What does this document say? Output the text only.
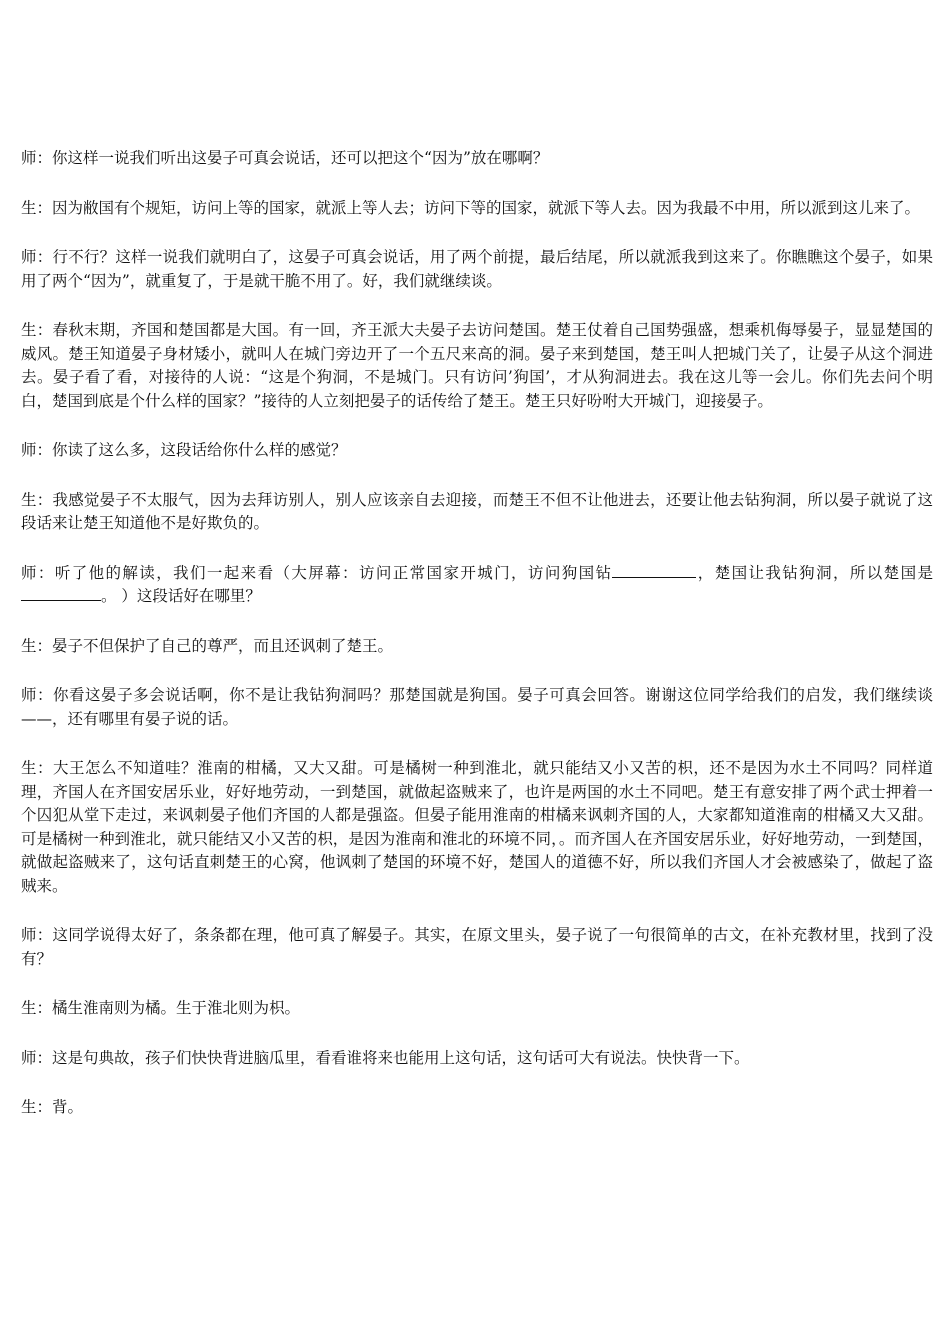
师：你这样一说我们听出这晏子可真会说话，还可以把这个“因为”放在哪啊？

生：因为敝国有个规矩，访问上等的国家，就派上等人去；访问下等的国家，就派下等人去。因为我最不中用，所以派到这儿来了。

师：行不行？这样一说我们就明白了，这晏子可真会说话，用了两个前提，最后结尾，所以就派我到这来了。你瞧瞧这个晏子，如果用了两个“因为”，就重复了，于是就干脆不用了。好，我们就继续谈。

生：春秋末期，齐国和楚国都是大国。有一回，齐王派大夫晏子去访问楚国。楚王仗着自己国势强盛，想乘机侮辱晏子，显显楚国的威风。楚王知道晏子身材矮小，就叫人在城门旁边开了一个五尺来高的洞。晏子来到楚国，楚王叫人把城门关了，让晏子从这个洞进去。晏子看了看，对接待的人说：“这是个狗洞，不是城门。只有访问’狗国’，才从狗洞进去。我在这儿等一会儿。你们先去问个明白，楚国到底是个什么样的国家？”接待的人立刻把晏子的话传给了楚王。楚王只好吩咐大开城门，迎接晏子。

师：你读了这么多，这段话给你什么样的感觉？

生：我感觉晏子不太服气，因为去拜访别人，别人应该亲自去迎接，而楚王不但不让他进去，还要让他去钻狗洞，所以晏子就说了这段话来让楚王知道他不是好欺负的。

师：听了他的解读，我们一起来看（大屏幕：访问正常国家开城门，访问狗国钻	，楚国让我钻狗洞，所以楚国是。 ）这段话好在哪里？

生：晏子不但保护了自己的尊严，而且还讽刺了楚王。

师：你看这晏子多会说话啊，你不是让我钻狗洞吗？那楚国就是狗国。晏子可真会回答。谢谢这位同学给我们的启发，我们继续谈——，还有哪里有晏子说的话。

生：大王怎么不知道哇？淮南的柑橘，又大又甜。可是橘树一种到淮北，就只能结又小又苦的枳，还不是因为水土不同吗？同样道理，齐国人在齐国安居乐业，好好地劳动，一到楚国，就做起盗贼来了，也许是两国的水土不同吧。楚王有意安排了两个武士押着一个囚犯从堂下走过，来讽刺晏子他们齐国的人都是强盗。但晏子能用淮南的柑橘来讽刺齐国的人，大家都知道淮南的柑橘又大又甜。可是橘树一种到淮北，就只能结又小又苦的枳，是因为淮南和淮北的环境不同，。而齐国人在齐国安居乐业，好好地劳动，一到楚国，就做起盗贼来了，这句话直刺楚王的心窝，他讽刺了楚国的环境不好，楚国人的道德不好，所以我们齐国人才会被感染了，做起了盗贼来。

师：这同学说得太好了，条条都在理，他可真了解晏子。其实，在原文里头，晏子说了一句很简单的古文，在补充教材里，找到了没有？

生：橘生淮南则为橘。生于淮北则为枳。

师：这是句典故，孩子们快快背进脑瓜里，看看谁将来也能用上这句话，这句话可大有说法。快快背一下。

生：背。
